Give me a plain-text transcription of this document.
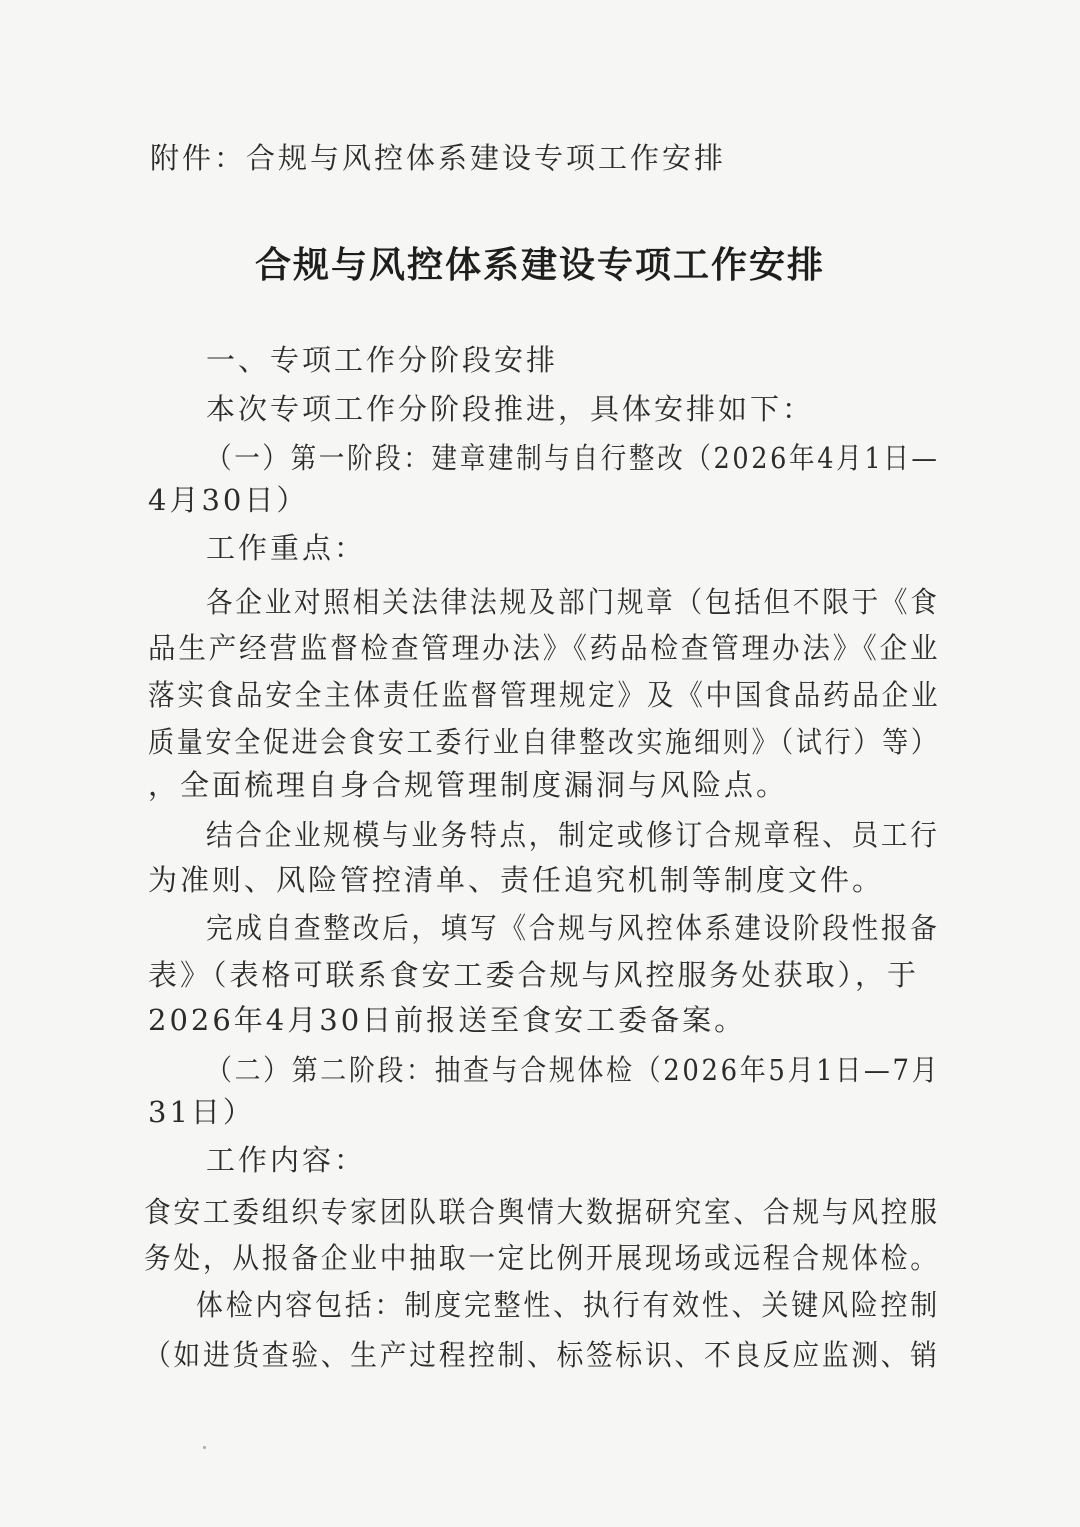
附件：合规与风控体系建设专项工作安排
合规与风控体系建设专项工作安排
一、专项工作分阶段安排
本次专项工作分阶段推进，具体安排如下：
（一）第一阶段：建章建制与自行整改（2026年4月1日—
4月30日）
工作重点：
各企业对照相关法律法规及部门规章（包括但不限于《食
品生产经营监督检查管理办法》《药品检查管理办法》《企业
落实食品安全主体责任监督管理规定》及《中国食品药品企业
质量安全促进会食安工委行业自律整改实施细则》（试行）等）
，全面梳理自身合规管理制度漏洞与风险点。
结合企业规模与业务特点，制定或修订合规章程、员工行
为准则、风险管控清单、责任追究机制等制度文件。
完成自查整改后，填写《合规与风控体系建设阶段性报备
表》（表格可联系食安工委合规与风控服务处获取），于
2026年4月30日前报送至食安工委备案。
（二）第二阶段：抽查与合规体检（2026年5月1日—7月
31日）
工作内容：
食安工委组织专家团队联合舆情大数据研究室、合规与风控服
务处，从报备企业中抽取一定比例开展现场或远程合规体检。
体检内容包括：制度完整性、执行有效性、关键风险控制
（如进货查验、生产过程控制、标签标识、不良反应监测、销
